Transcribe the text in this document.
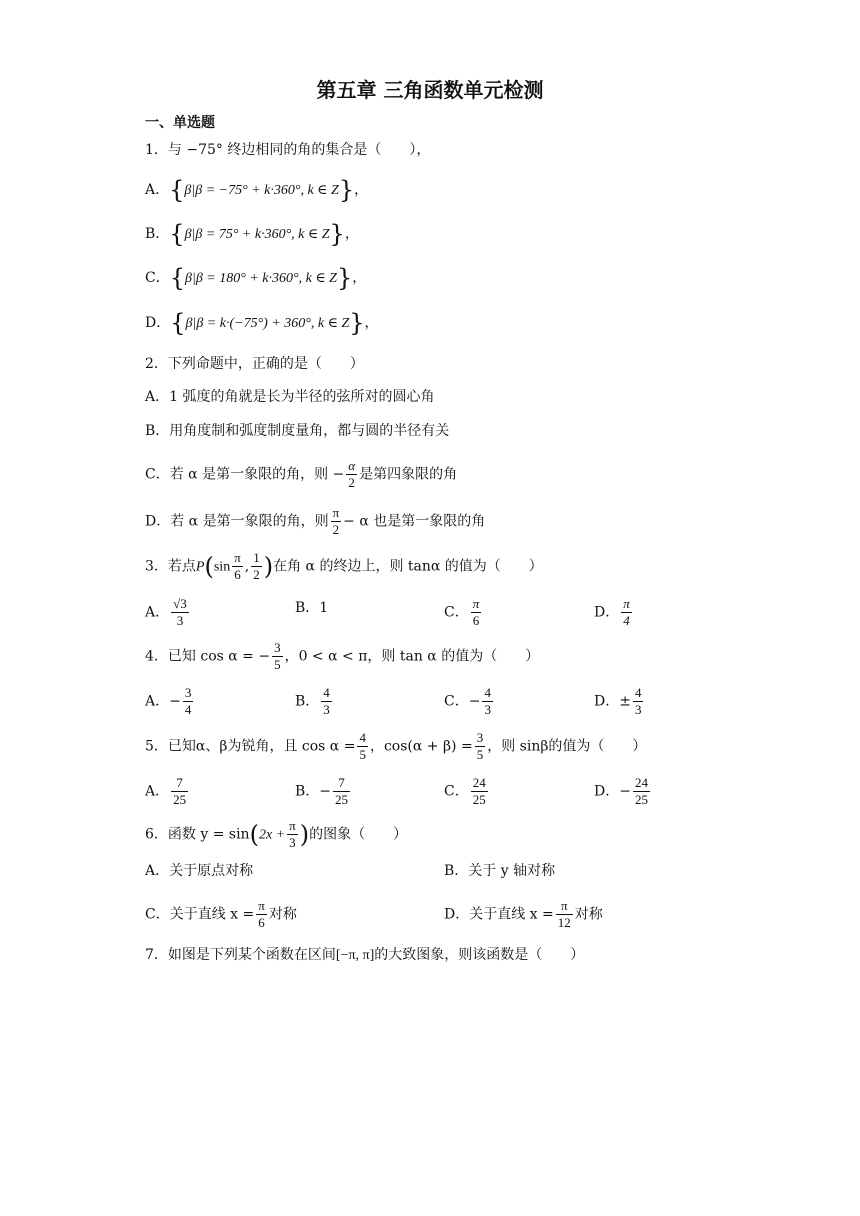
第五章 三角函数单元检测
一、单选题
1．与 −75° 终边相同的角的集合是（　　），
A．{β|β = −75° + k·360°, k ∈ Z}，
B．{β|β = 75° + k·360°, k ∈ Z}，
C．{β|β = 180° + k·360°, k ∈ Z}，
D．{β|β = k·(−75°) + 360°, k ∈ Z}，
2．下列命题中，正确的是（　　）
A．1 弧度的角就是长为半径的弦所对的圆心角
B．用角度制和弧度制度量角，都与圆的半径有关
C．若 α 是第一象限的角，则 − $\frac{\alpha}{2}$ 是第四象限的角
D．若 α 是第一象限的角，则 $\frac{\pi}{2} - \alpha$ 也是第一象限的角
3．若点$P(\sin \frac{\pi}{6}$ , $\frac{1}{2}$ )在角 α 的终边上，则 tanα 的值为（　　）
A． $\frac{√3}{3}$	B．1	C． $\frac{\pi}{6}$	D． $\frac{\pi}{4}$
4．已知 cos α = − $\frac{3}{5}$ ，0 < α < π，则 tan α 的值为（　　）
A．− $\frac{3}{4}$	B． $\frac{4}{3}$	C．− $\frac{4}{3}$	D．± $\frac{4}{3}$
5．已知α、β为锐角，且 $\cos \alpha = \frac{4}{5}$ ，$\cos(\alpha + \beta) = \frac{3}{5}$ ，则 sinβ的值为（　　）
A． $\frac{7}{25}$	B．− $\frac{7}{25}$	C． $\frac{24}{25}$	D．− $\frac{24}{25}$
6．函数 $y = \sin(2x + \frac{\pi}{3}$ )的图象（　　）
A．关于原点对称	B．关于 y 轴对称
C．关于直线 $x = \frac{\pi}{6}$ 对称	D．关于直线 $x = \frac{\pi}{12}$ 对称
7．如图是下列某个函数在区间[−π, π]的大致图象，则该函数是（　　）
